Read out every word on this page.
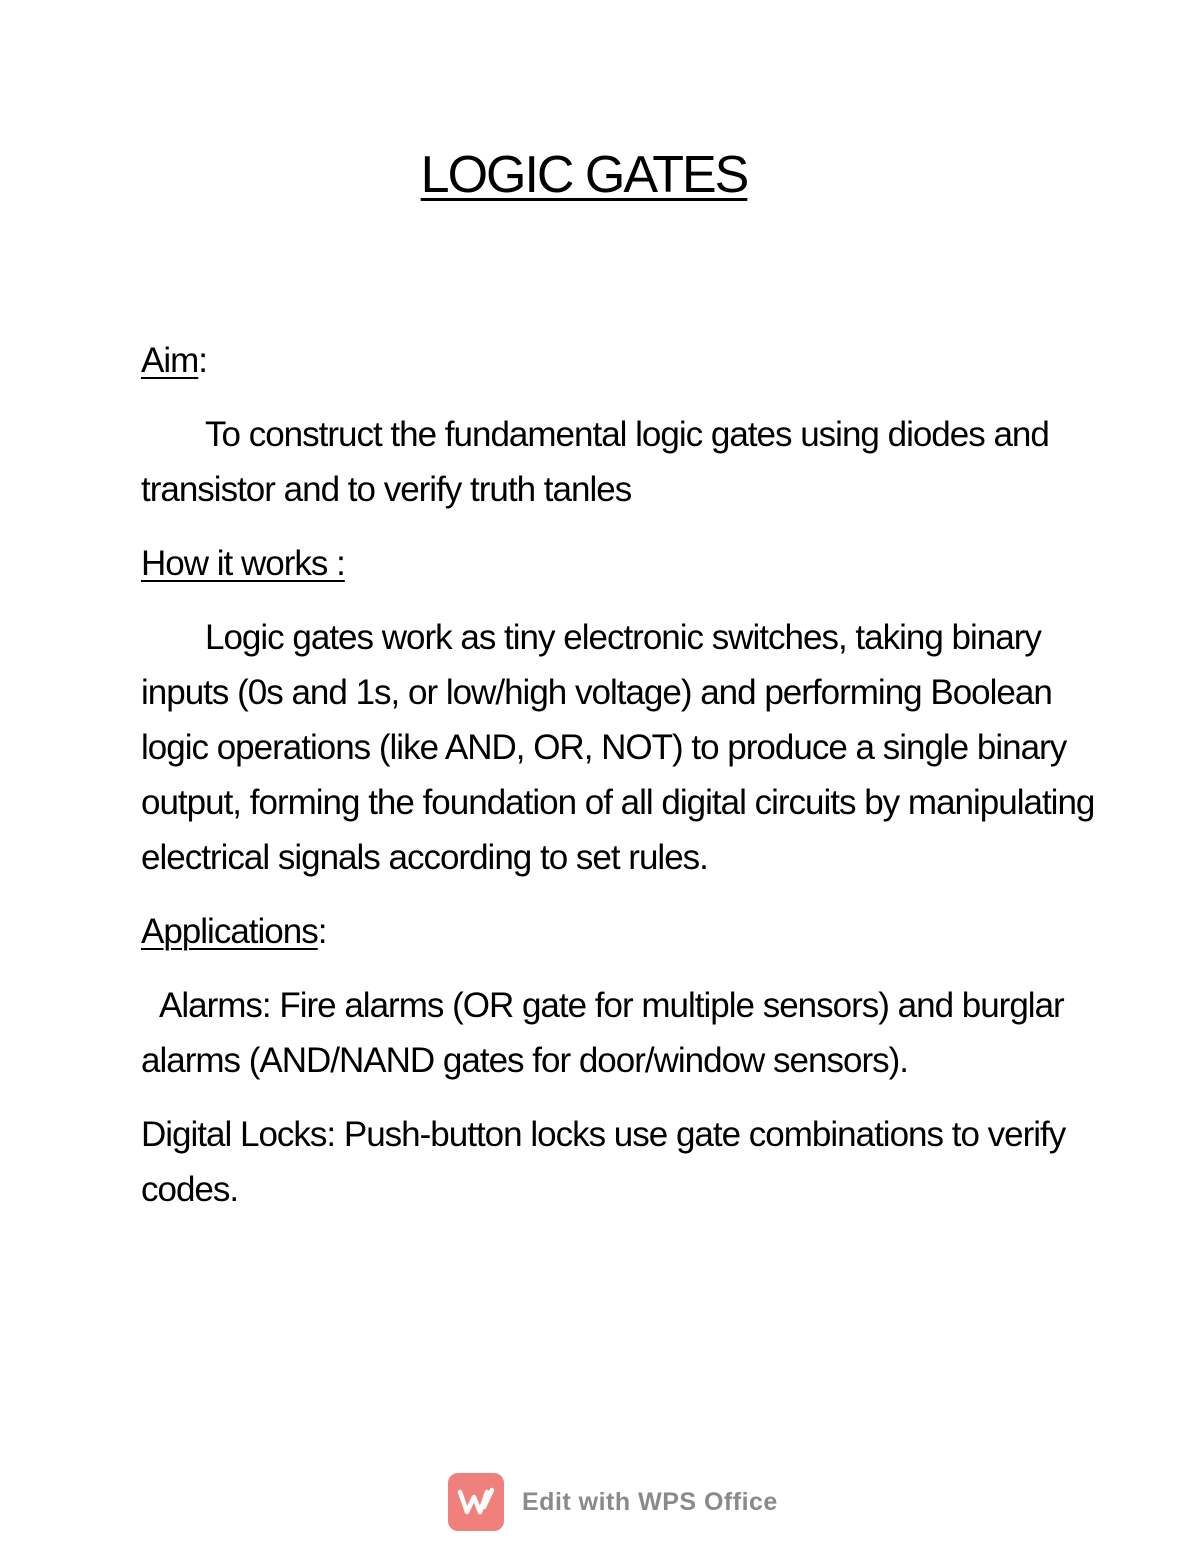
LOGIC GATES
Aim:
To construct the fundamental logic gates using diodes and transistor and to verify truth tanles
How it works :
Logic gates work as tiny electronic switches, taking binary inputs (0s and 1s, or low/high voltage) and performing Boolean logic operations (like AND, OR, NOT) to produce a single binary output, forming the foundation of all digital circuits by manipulating electrical signals according to set rules.
Applications:
Alarms: Fire alarms (OR gate for multiple sensors) and burglar alarms (AND/NAND gates for door/window sensors).
Digital Locks: Push-button locks use gate combinations to verify codes.
Edit with WPS Office
